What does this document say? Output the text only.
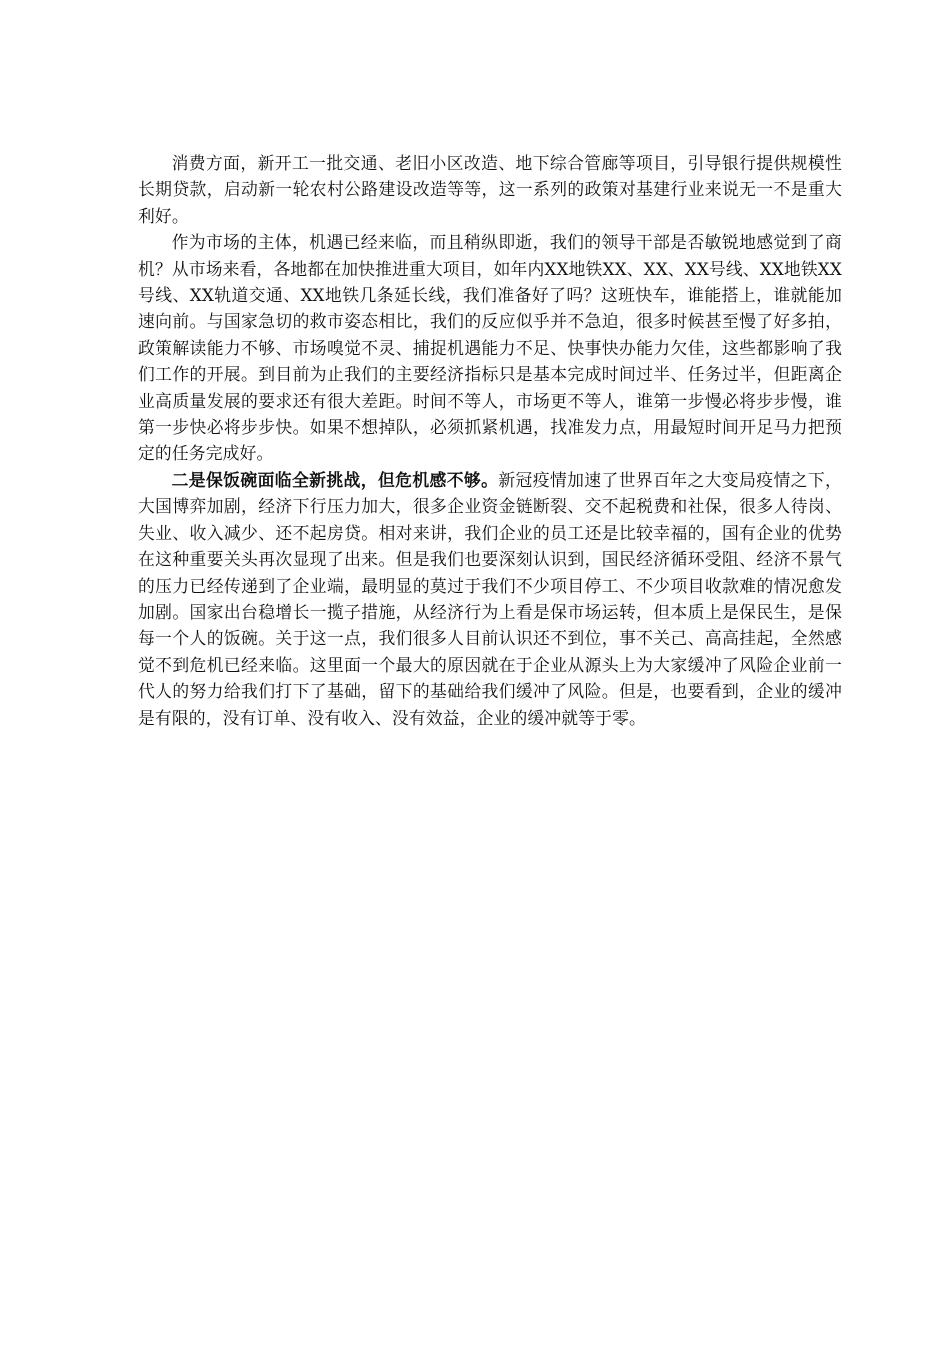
消费方面，新开工一批交通、老旧小区改造、地下综合管廊等项目，引导银行提供规模性长期贷款，启动新一轮农村公路建设改造等等，这一系列的政策对基建行业来说无一不是重大利好。

作为市场的主体，机遇已经来临，而且稍纵即逝，我们的领导干部是否敏锐地感觉到了商机？从市场来看，各地都在加快推进重大项目，如年内XX地铁XX、XX、XX号线、XX地铁XX号线、XX轨道交通、XX地铁几条延长线，我们准备好了吗？这班快车，谁能搭上，谁就能加速向前。与国家急切的救市姿态相比，我们的反应似乎并不急迫，很多时候甚至慢了好多拍，政策解读能力不够、市场嗅觉不灵、捕捉机遇能力不足、快事快办能力欠佳，这些都影响了我们工作的开展。到目前为止我们的主要经济指标只是基本完成时间过半、任务过半，但距离企业高质量发展的要求还有很大差距。时间不等人，市场更不等人，谁第一步慢必将步步慢，谁第一步快必将步步快。如果不想掉队，必须抓紧机遇，找准发力点，用最短时间开足马力把预定的任务完成好。

二是保饭碗面临全新挑战，但危机感不够。新冠疫情加速了世界百年之大变局疫情之下，大国博弈加剧，经济下行压力加大，很多企业资金链断裂、交不起税费和社保，很多人待岗、失业、收入减少、还不起房贷。相对来讲，我们企业的员工还是比较幸福的，国有企业的优势在这种重要关头再次显现了出来。但是我们也要深刻认识到，国民经济循环受阻、经济不景气的压力已经传递到了企业端，最明显的莫过于我们不少项目停工、不少项目收款难的情况愈发加剧。国家出台稳增长一揽子措施，从经济行为上看是保市场运转，但本质上是保民生，是保每一个人的饭碗。关于这一点，我们很多人目前认识还不到位，事不关己、高高挂起，全然感觉不到危机已经来临。这里面一个最大的原因就在于企业从源头上为大家缓冲了风险企业前一代人的努力给我们打下了基础，留下的基础给我们缓冲了风险。但是，也要看到，企业的缓冲是有限的，没有订单、没有收入、没有效益，企业的缓冲就等于零。
